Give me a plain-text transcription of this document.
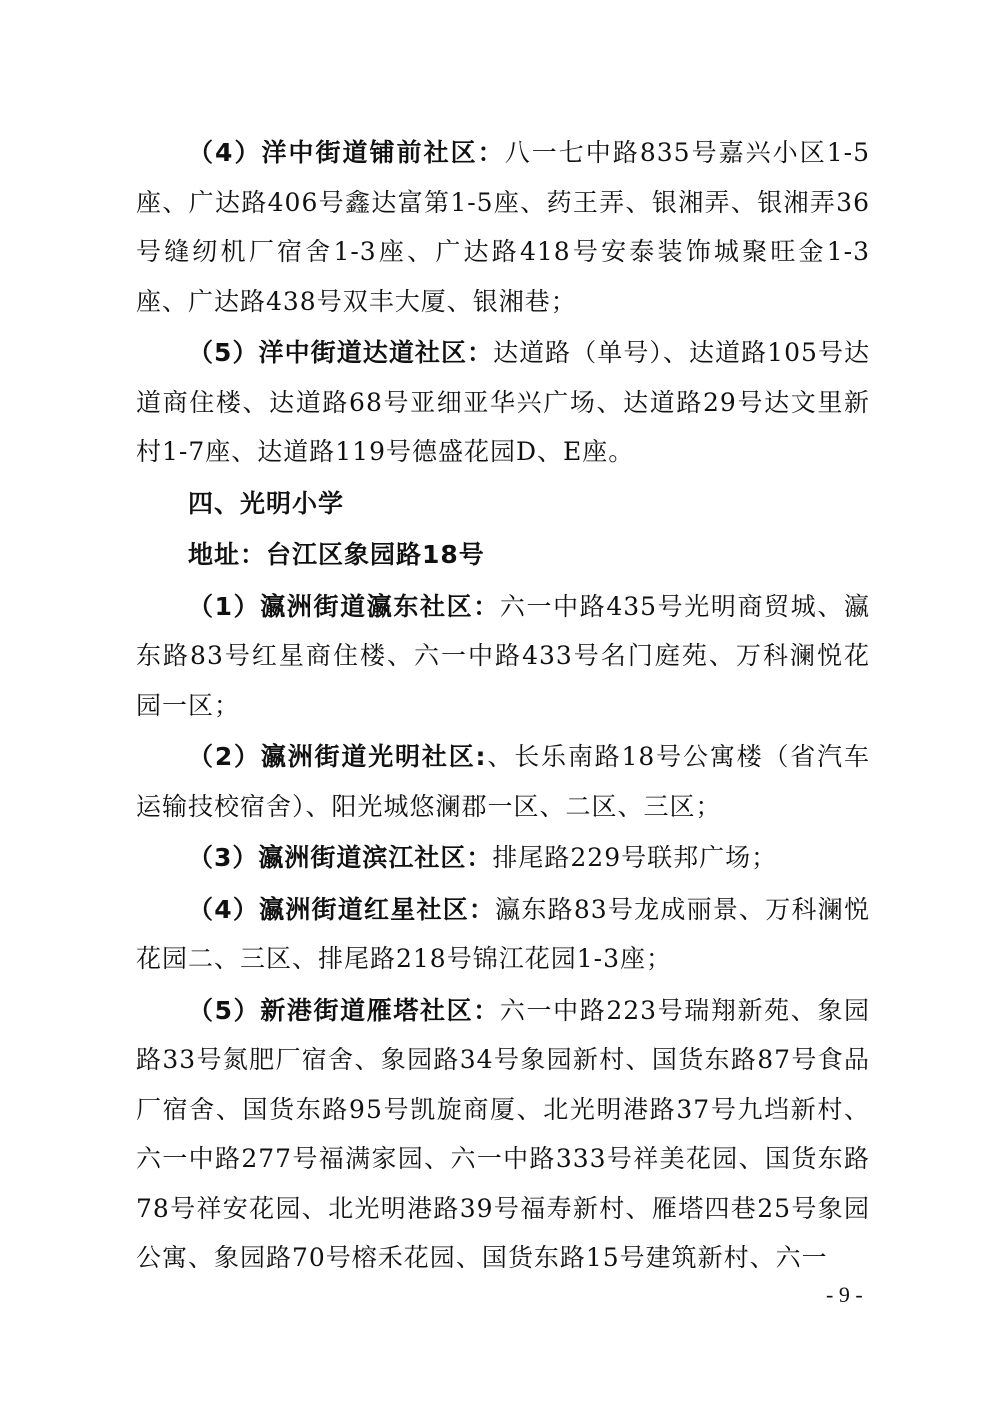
（4）洋中街道铺前社区：八一七中路835号嘉兴小区1-5座、广达路406号鑫达富第1-5座、药王弄、银湘弄、银湘弄36号缝纫机厂宿舍1-3座、广达路418号安泰装饰城聚旺金1-3座、广达路438号双丰大厦、银湘巷；

（5）洋中街道达道社区：达道路（单号）、达道路105号达道商住楼、达道路68号亚细亚华兴广场、达道路29号达文里新村1-7座、达道路119号德盛花园D、E座。

四、光明小学

地址：台江区象园路18号

（1）瀛洲街道瀛东社区：六一中路435号光明商贸城、瀛东路83号红星商住楼、六一中路433号名门庭苑、万科澜悦花园一区；

（2）瀛洲街道光明社区:、长乐南路18号公寓楼（省汽车运输技校宿舍）、阳光城悠澜郡一区、二区、三区；

（3）瀛洲街道滨江社区：排尾路229号联邦广场；

（4）瀛洲街道红星社区：瀛东路83号龙成丽景、万科澜悦花园二、三区、排尾路218号锦江花园1-3座；

（5）新港街道雁塔社区：六一中路223号瑞翔新苑、象园路33号氮肥厂宿舍、象园路34号象园新村、国货东路87号食品厂宿舍、国货东路95号凯旋商厦、北光明港路37号九垱新村、六一中路277号福满家园、六一中路333号祥美花园、国货东路78号祥安花园、北光明港路39号福寿新村、雁塔四巷25号象园公寓、象园路70号榕禾花园、国货东路15号建筑新村、六一

- 9 -
